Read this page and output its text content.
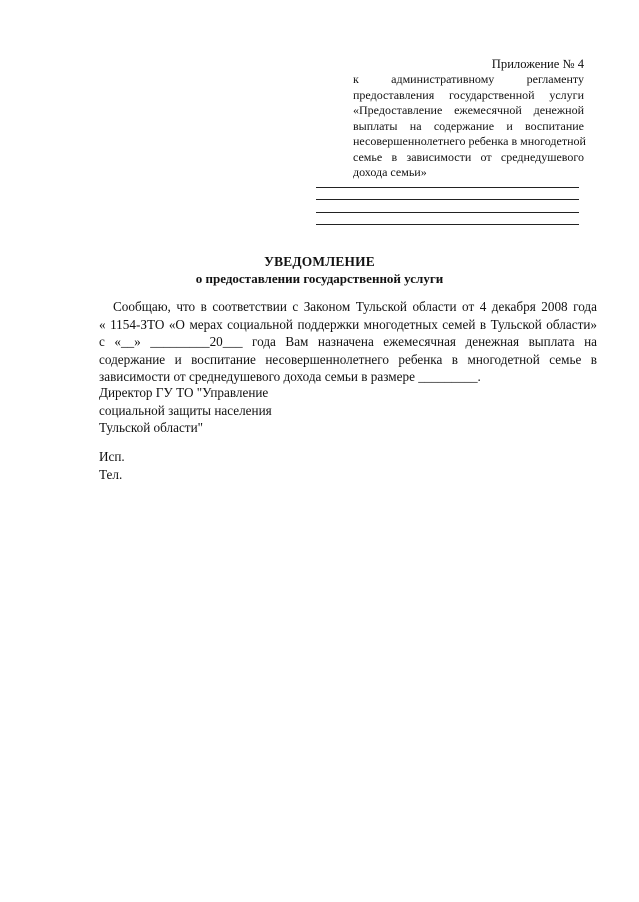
Приложение № 4
к административному регламенту
предоставления государственной услуги
«Предоставление ежемесячной денежной
выплаты на содержание и воспитание
несовершеннолетнего ребенка в многодетной
семье в зависимости от среднедушевого
дохода семьи»
УВЕДОМЛЕНИЕ
о предоставлении государственной услуги
Сообщаю, что в соответствии с Законом Тульской области от 4 декабря 2008 года
« 1154-ЗТО «О мерах социальной поддержки многодетных семей в Тульской области»
с «__» _________20___ года Вам назначена ежемесячная денежная выплата на
содержание и воспитание несовершеннолетнего ребенка в многодетной семье в
зависимости от среднедушевого дохода семьи в размере _________.
Директор ГУ ТО "Управление
социальной защиты населения
Тульской области"
Исп.
Тел.
